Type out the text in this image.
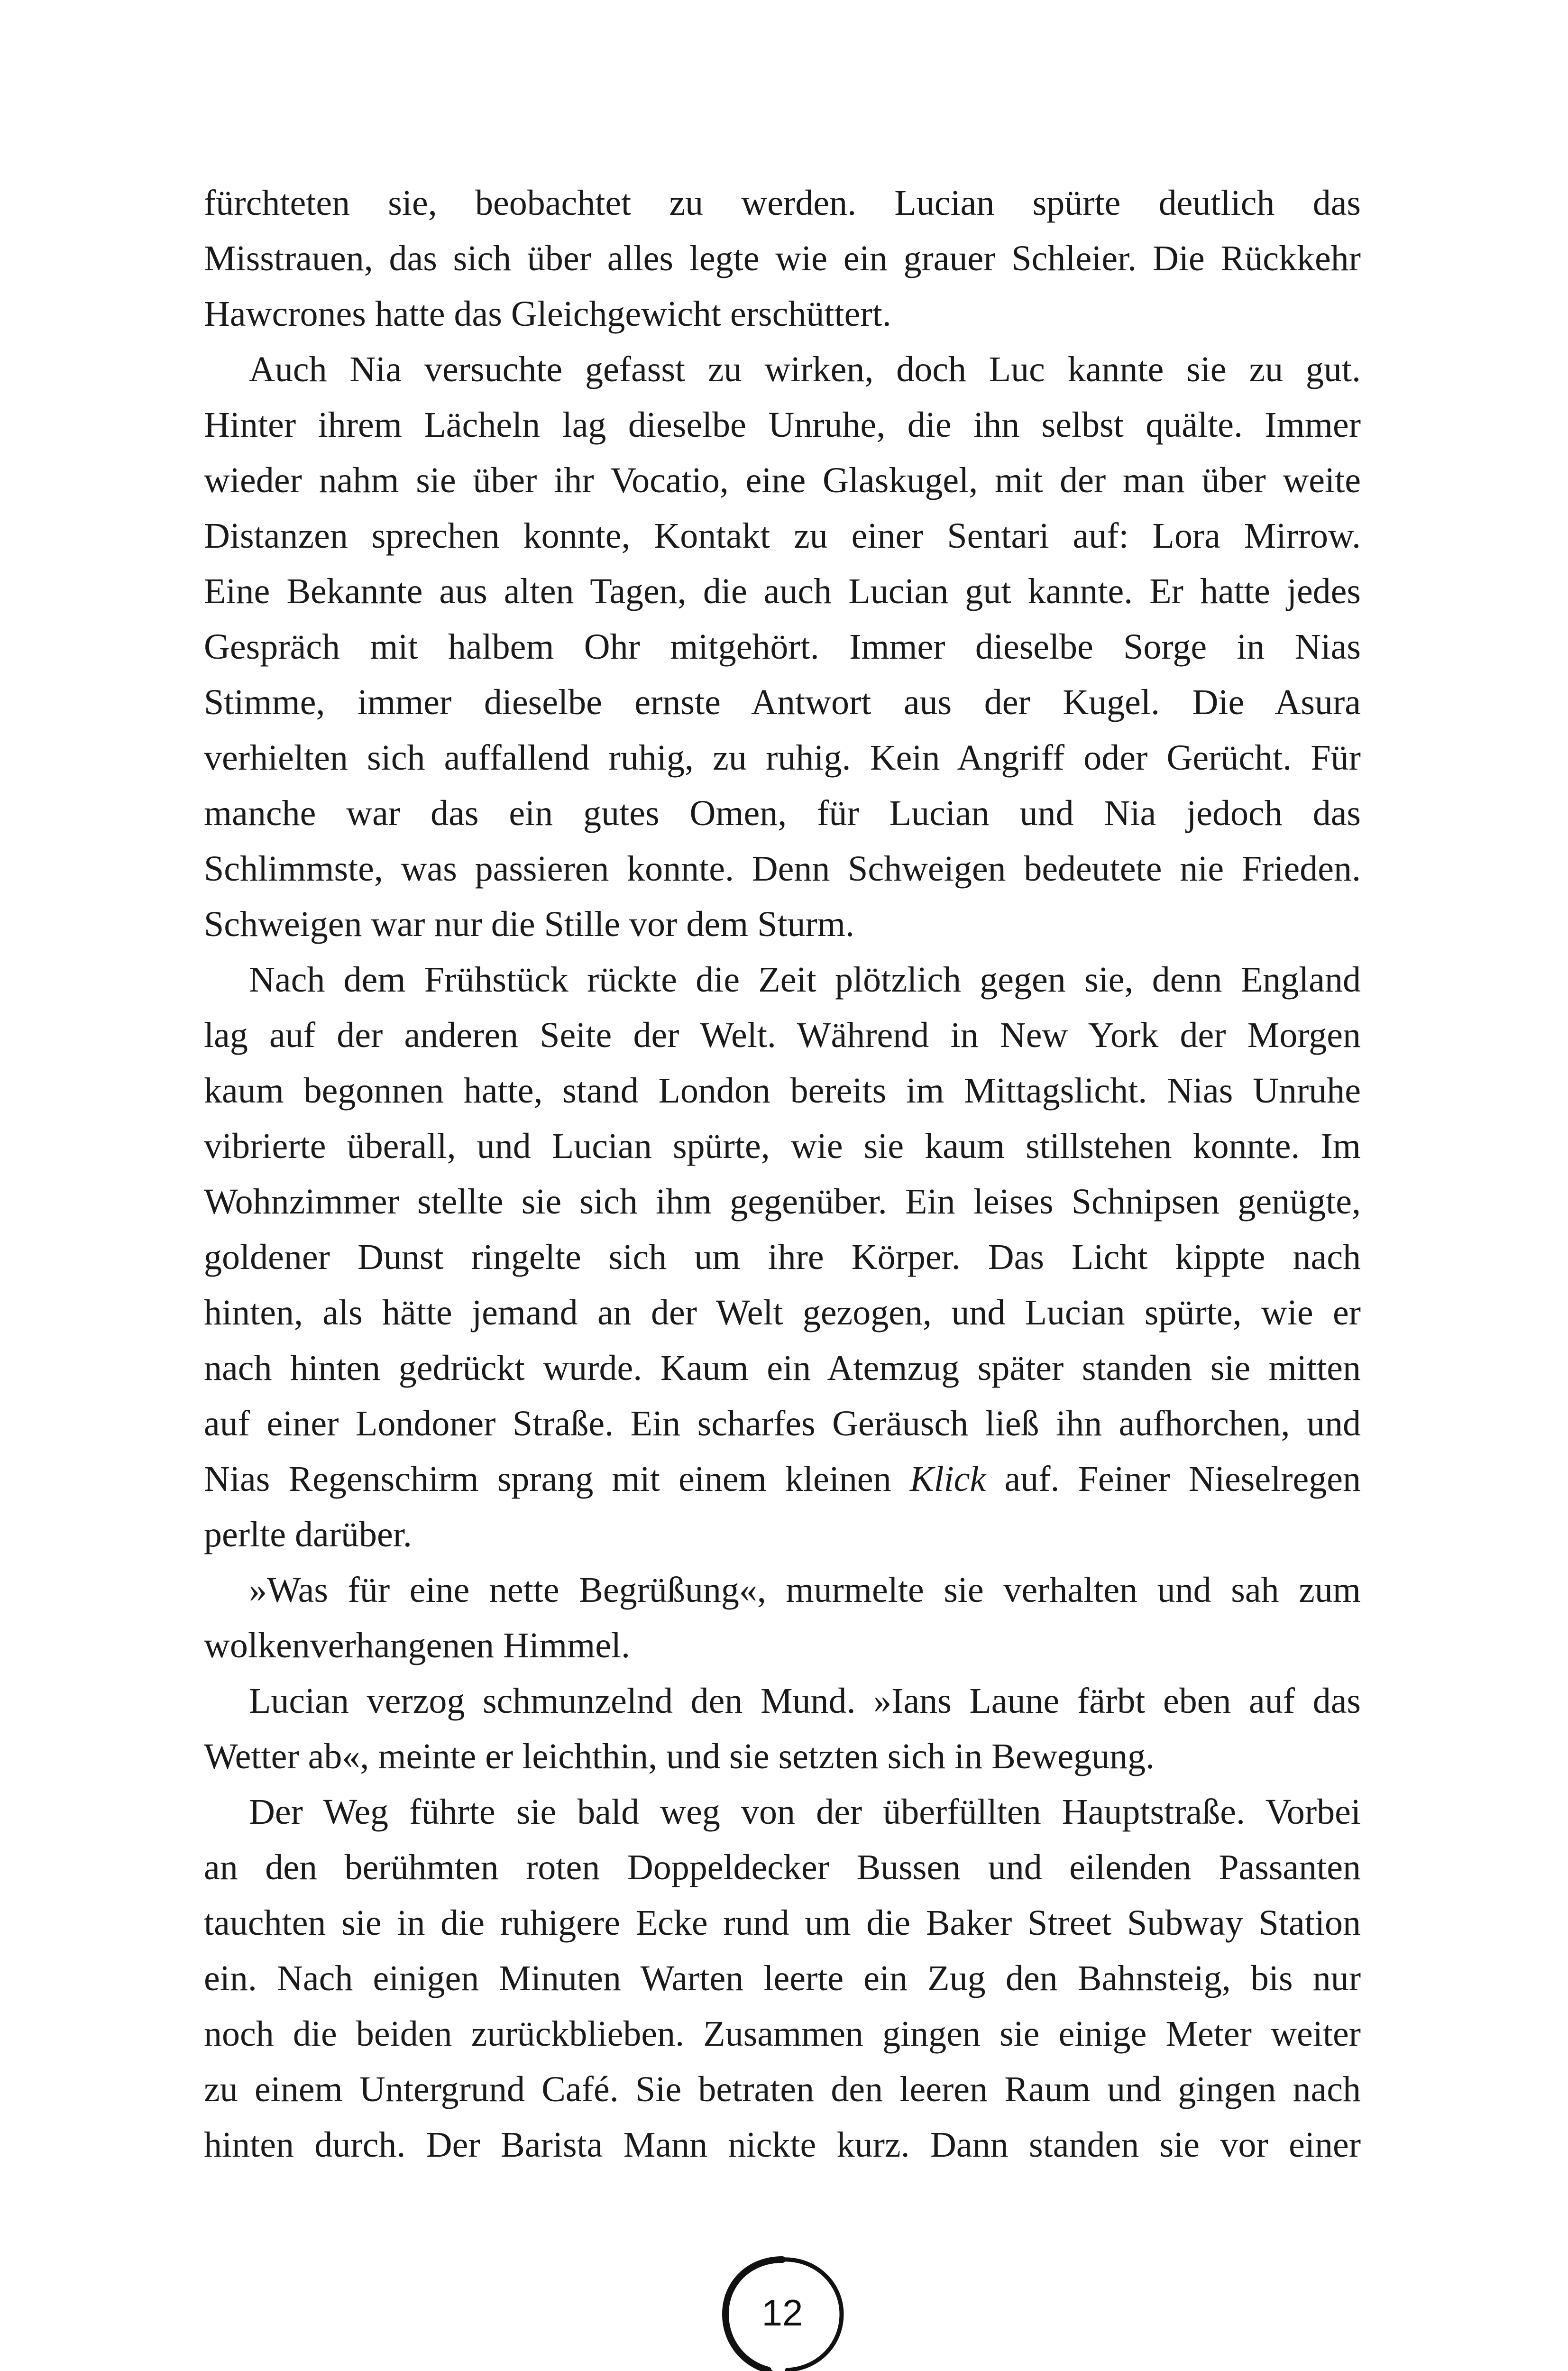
fürchteten sie, beobachtet zu werden. Lucian spürte deutlich das
Misstrauen, das sich über alles legte wie ein grauer Schleier. Die Rückkehr
Hawcrones hatte das Gleichgewicht erschüttert.
Auch Nia versuchte gefasst zu wirken, doch Luc kannte sie zu gut.
Hinter ihrem Lächeln lag dieselbe Unruhe, die ihn selbst quälte. Immer
wieder nahm sie über ihr Vocatio, eine Glaskugel, mit der man über weite
Distanzen sprechen konnte, Kontakt zu einer Sentari auf: Lora Mirrow.
Eine Bekannte aus alten Tagen, die auch Lucian gut kannte. Er hatte jedes
Gespräch mit halbem Ohr mitgehört. Immer dieselbe Sorge in Nias
Stimme, immer dieselbe ernste Antwort aus der Kugel. Die Asura
verhielten sich auffallend ruhig, zu ruhig. Kein Angriff oder Gerücht. Für
manche war das ein gutes Omen, für Lucian und Nia jedoch das
Schlimmste, was passieren konnte. Denn Schweigen bedeutete nie Frieden.
Schweigen war nur die Stille vor dem Sturm.
Nach dem Frühstück rückte die Zeit plötzlich gegen sie, denn England
lag auf der anderen Seite der Welt. Während in New York der Morgen
kaum begonnen hatte, stand London bereits im Mittagslicht. Nias Unruhe
vibrierte überall, und Lucian spürte, wie sie kaum stillstehen konnte. Im
Wohnzimmer stellte sie sich ihm gegenüber. Ein leises Schnipsen genügte,
goldener Dunst ringelte sich um ihre Körper. Das Licht kippte nach
hinten, als hätte jemand an der Welt gezogen, und Lucian spürte, wie er
nach hinten gedrückt wurde. Kaum ein Atemzug später standen sie mitten
auf einer Londoner Straße. Ein scharfes Geräusch ließ ihn aufhorchen, und
Nias Regenschirm sprang mit einem kleinen Klick auf. Feiner Nieselregen
perlte darüber.
»Was für eine nette Begrüßung«, murmelte sie verhalten und sah zum
wolkenverhangenen Himmel.
Lucian verzog schmunzelnd den Mund. »Ians Laune färbt eben auf das
Wetter ab«, meinte er leichthin, und sie setzten sich in Bewegung.
Der Weg führte sie bald weg von der überfüllten Hauptstraße. Vorbei
an den berühmten roten Doppeldecker Bussen und eilenden Passanten
tauchten sie in die ruhigere Ecke rund um die Baker Street Subway Station
ein. Nach einigen Minuten Warten leerte ein Zug den Bahnsteig, bis nur
noch die beiden zurückblieben. Zusammen gingen sie einige Meter weiter
zu einem Untergrund Café. Sie betraten den leeren Raum und gingen nach
hinten durch. Der Barista Mann nickte kurz. Dann standen sie vor einer
12
